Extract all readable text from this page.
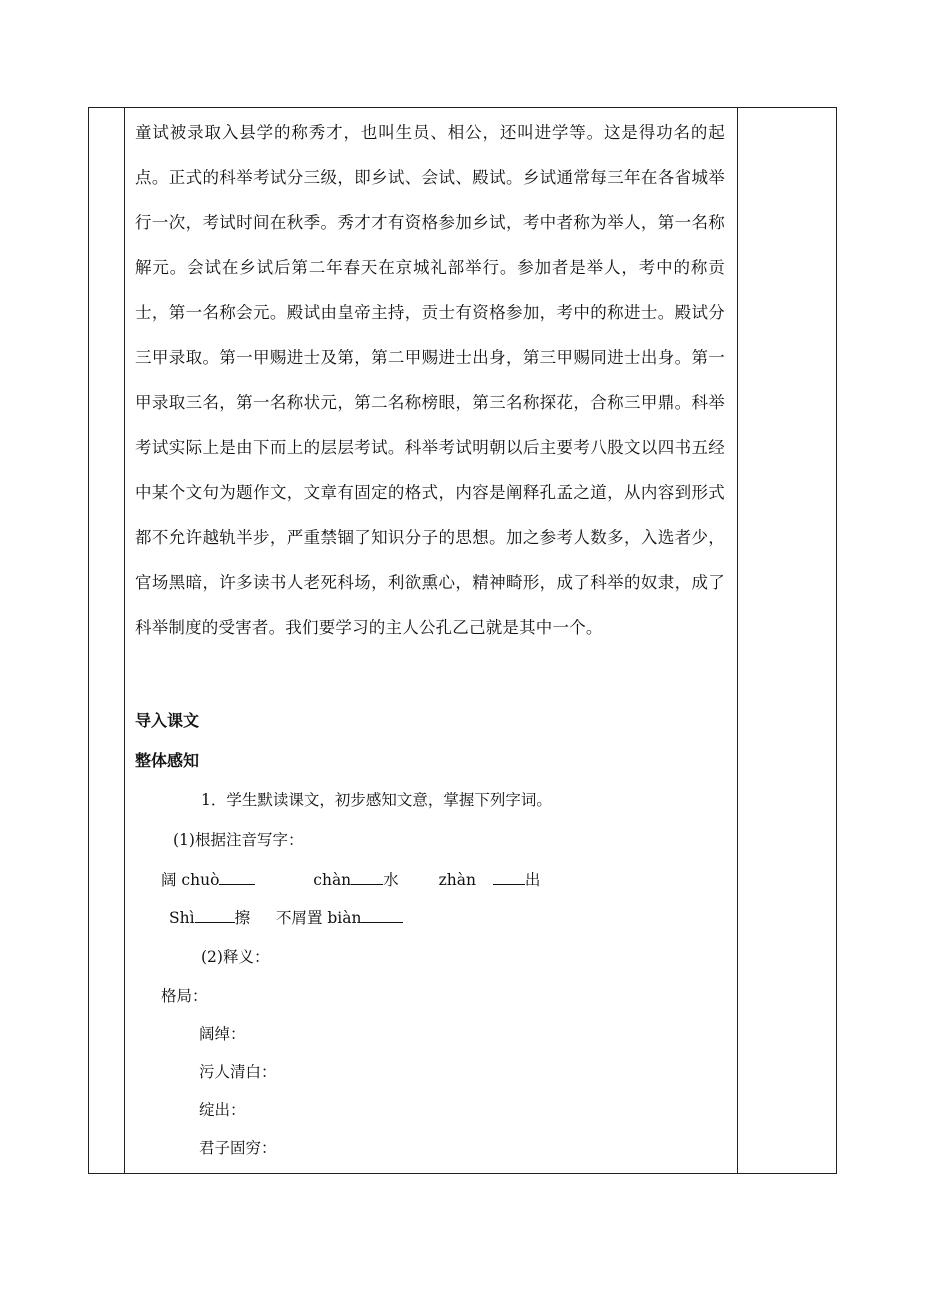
童试被录取入县学的称秀才，也叫生员、相公，还叫进学等。这是得功名的起点。正式的科举考试分三级，即乡试、会试、殿试。乡试通常每三年在各省城举行一次，考试时间在秋季。秀才才有资格参加乡试，考中者称为举人，第一名称解元。会试在乡试后第二年春天在京城礼部举行。参加者是举人，考中的称贡士，第一名称会元。殿试由皇帝主持，贡士有资格参加，考中的称进士。殿试分三甲录取。第一甲赐进士及第，第二甲赐进士出身，第三甲赐同进士出身。第一甲录取三名，第一名称状元，第二名称榜眼，第三名称探花，合称三甲鼎。科举考试实际上是由下而上的层层考试。科举考试明朝以后主要考八股文以四书五经中某个文句为题作文，文章有固定的格式，内容是阐释孔孟之道，从内容到形式都不允许越轨半步，严重禁锢了知识分子的思想。加之参考人数多，入选者少，官场黑暗，许多读书人老死科场，利欲熏心，精神畸形，成了科举的奴隶，成了科举制度的受害者。我们要学习的主人公孔乙己就是其中一个。

导入课文
整体感知
1．学生默读课文，初步感知文意，掌握下列字词。
(1)根据注音写字：
阔 chuò	chàn 水	zhàn	出
Shì	擦 不屑置 biàn
(2)释义：
格局：
阔绰：
污人清白：
绽出：
君子固穷：
